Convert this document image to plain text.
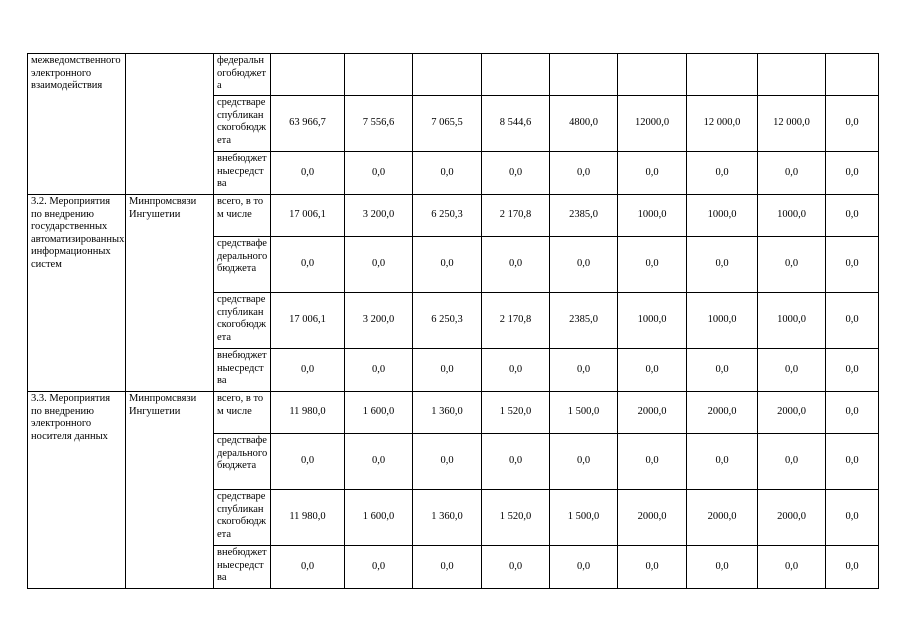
межведомственного электронного взаимодействия		федеральногобюджета									
		средствареспубликанскогобюджета	63 966,7	7 556,6	7 065,5	8 544,6	4800,0	12000,0	12 000,0	12 000,0	0,0
		внебюджетныесредства	0,0	0,0	0,0	0,0	0,0	0,0	0,0	0,0	0,0
3.2. Мероприятия по внедрению государственных автоматизированных информационных систем	Минпромсвязи Ингушетии	всего, в том числе	17 006,1	3 200,0	6 250,3	2 170,8	2385,0	1000,0	1000,0	1000,0	0,0
		средствафедеральногобюджета	0,0	0,0	0,0	0,0	0,0	0,0	0,0	0,0	0,0
		средствареспубликанскогобюджета	17 006,1	3 200,0	6 250,3	2 170,8	2385,0	1000,0	1000,0	1000,0	0,0
		внебюджетныесредства	0,0	0,0	0,0	0,0	0,0	0,0	0,0	0,0	0,0
3.3. Мероприятия по внедрению электронного носителя данных	Минпромсвязи Ингушетии	всего, в том числе	11 980,0	1 600,0	1 360,0	1 520,0	1 500,0	2000,0	2000,0	2000,0	0,0
		средствафедеральногобюджета	0,0	0,0	0,0	0,0	0,0	0,0	0,0	0,0	0,0
		средствареспубликанскогобюджета	11 980,0	1 600,0	1 360,0	1 520,0	1 500,0	2000,0	2000,0	2000,0	0,0
		внебюджетныесредства	0,0	0,0	0,0	0,0	0,0	0,0	0,0	0,0	0,0
